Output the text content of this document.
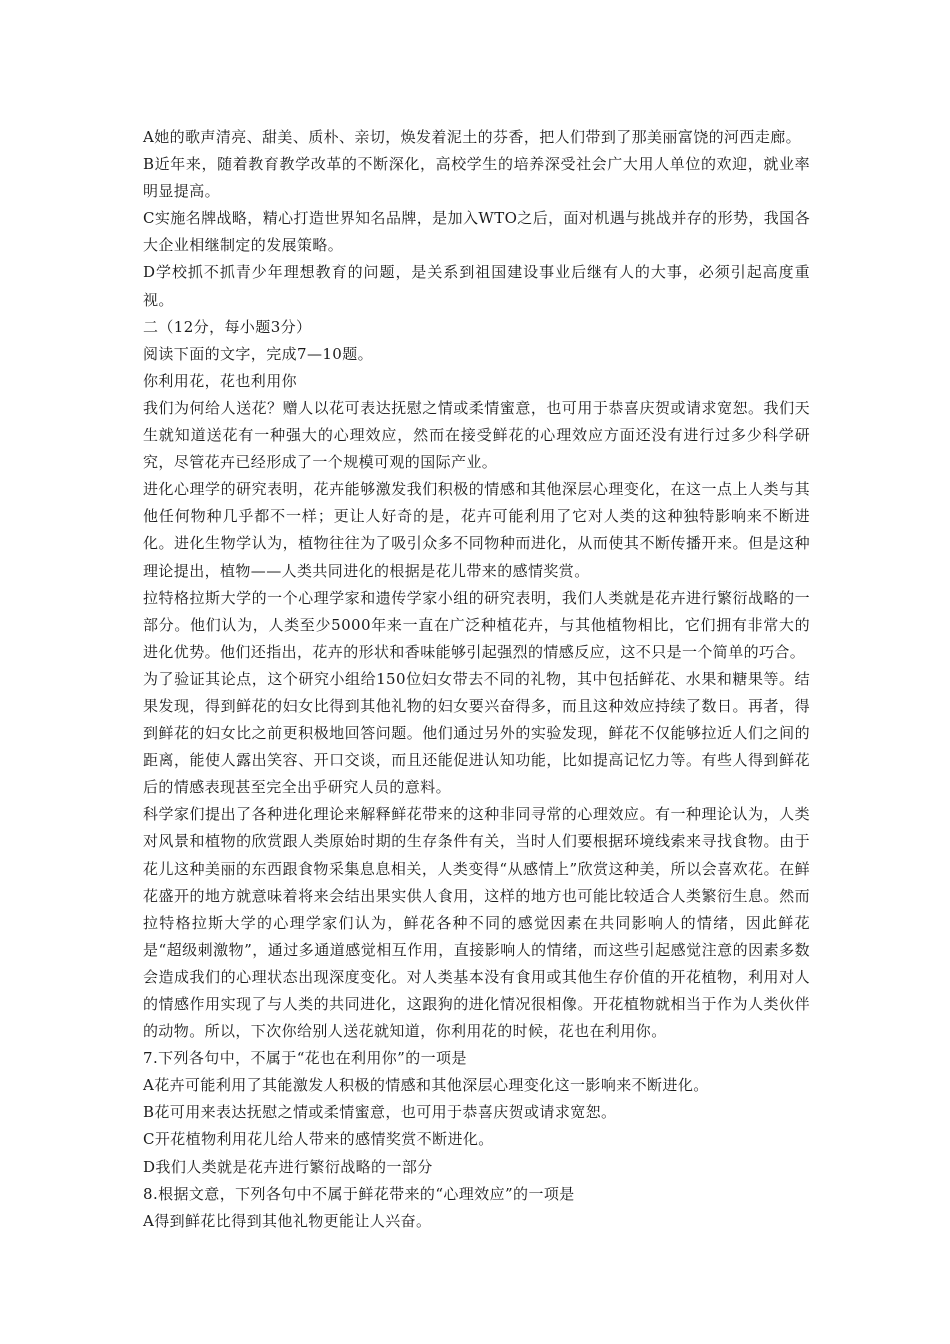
A她的歌声清亮、甜美、质朴、亲切，焕发着泥土的芬香，把人们带到了那美丽富饶的河西走廊。

B近年来，随着教育教学改革的不断深化，高校学生的培养深受社会广大用人单位的欢迎，就业率明显提高。

C实施名牌战略，精心打造世界知名品牌，是加入WTO之后，面对机遇与挑战并存的形势，我国各大企业相继制定的发展策略。

D学校抓不抓青少年理想教育的问题，是关系到祖国建设事业后继有人的大事，必须引起高度重视。

二（12分，每小题3分）

阅读下面的文字，完成7—10题。

你利用花，花也利用你

我们为何给人送花？赠人以花可表达抚慰之情或柔情蜜意，也可用于恭喜庆贺或请求宽恕。我们天生就知道送花有一种强大的心理效应，然而在接受鲜花的心理效应方面还没有进行过多少科学研究，尽管花卉已经形成了一个规模可观的国际产业。

进化心理学的研究表明，花卉能够激发我们积极的情感和其他深层心理变化，在这一点上人类与其他任何物种几乎都不一样；更让人好奇的是，花卉可能利用了它对人类的这种独特影响来不断进化。进化生物学认为，植物往往为了吸引众多不同物种而进化，从而使其不断传播开来。但是这种理论提出，植物——人类共同进化的根据是花儿带来的感情奖赏。

拉特格拉斯大学的一个心理学家和遗传学家小组的研究表明，我们人类就是花卉进行繁衍战略的一部分。他们认为，人类至少5000年来一直在广泛种植花卉，与其他植物相比，它们拥有非常大的进化优势。他们还指出，花卉的形状和香味能够引起强烈的情感反应，这不只是一个简单的巧合。

为了验证其论点，这个研究小组给150位妇女带去不同的礼物，其中包括鲜花、水果和糖果等。结果发现，得到鲜花的妇女比得到其他礼物的妇女要兴奋得多，而且这种效应持续了数日。再者，得到鲜花的妇女比之前更积极地回答问题。他们通过另外的实验发现，鲜花不仅能够拉近人们之间的距离，能使人露出笑容、开口交谈，而且还能促进认知功能，比如提高记忆力等。有些人得到鲜花后的情感表现甚至完全出乎研究人员的意料。

科学家们提出了各种进化理论来解释鲜花带来的这种非同寻常的心理效应。有一种理论认为，人类对风景和植物的欣赏跟人类原始时期的生存条件有关，当时人们要根据环境线索来寻找食物。由于花儿这种美丽的东西跟食物采集息息相关，人类变得“从感情上”欣赏这种美，所以会喜欢花。在鲜花盛开的地方就意味着将来会结出果实供人食用，这样的地方也可能比较适合人类繁衍生息。然而拉特格拉斯大学的心理学家们认为，鲜花各种不同的感觉因素在共同影响人的情绪，因此鲜花是“超级刺激物”，通过多通道感觉相互作用，直接影响人的情绪，而这些引起感觉注意的因素多数会造成我们的心理状态出现深度变化。对人类基本没有食用或其他生存价值的开花植物，利用对人的情感作用实现了与人类的共同进化，这跟狗的进化情况很相像。开花植物就相当于作为人类伙伴的动物。所以，下次你给别人送花就知道，你利用花的时候，花也在利用你。

7.下列各句中，不属于“花也在利用你”的一项是

A花卉可能利用了其能激发人积极的情感和其他深层心理变化这一影响来不断进化。

B花可用来表达抚慰之情或柔情蜜意，也可用于恭喜庆贺或请求宽恕。

C开花植物利用花儿给人带来的感情奖赏不断进化。

D我们人类就是花卉进行繁衍战略的一部分

8.根据文意，下列各句中不属于鲜花带来的“心理效应”的一项是

A得到鲜花比得到其他礼物更能让人兴奋。
